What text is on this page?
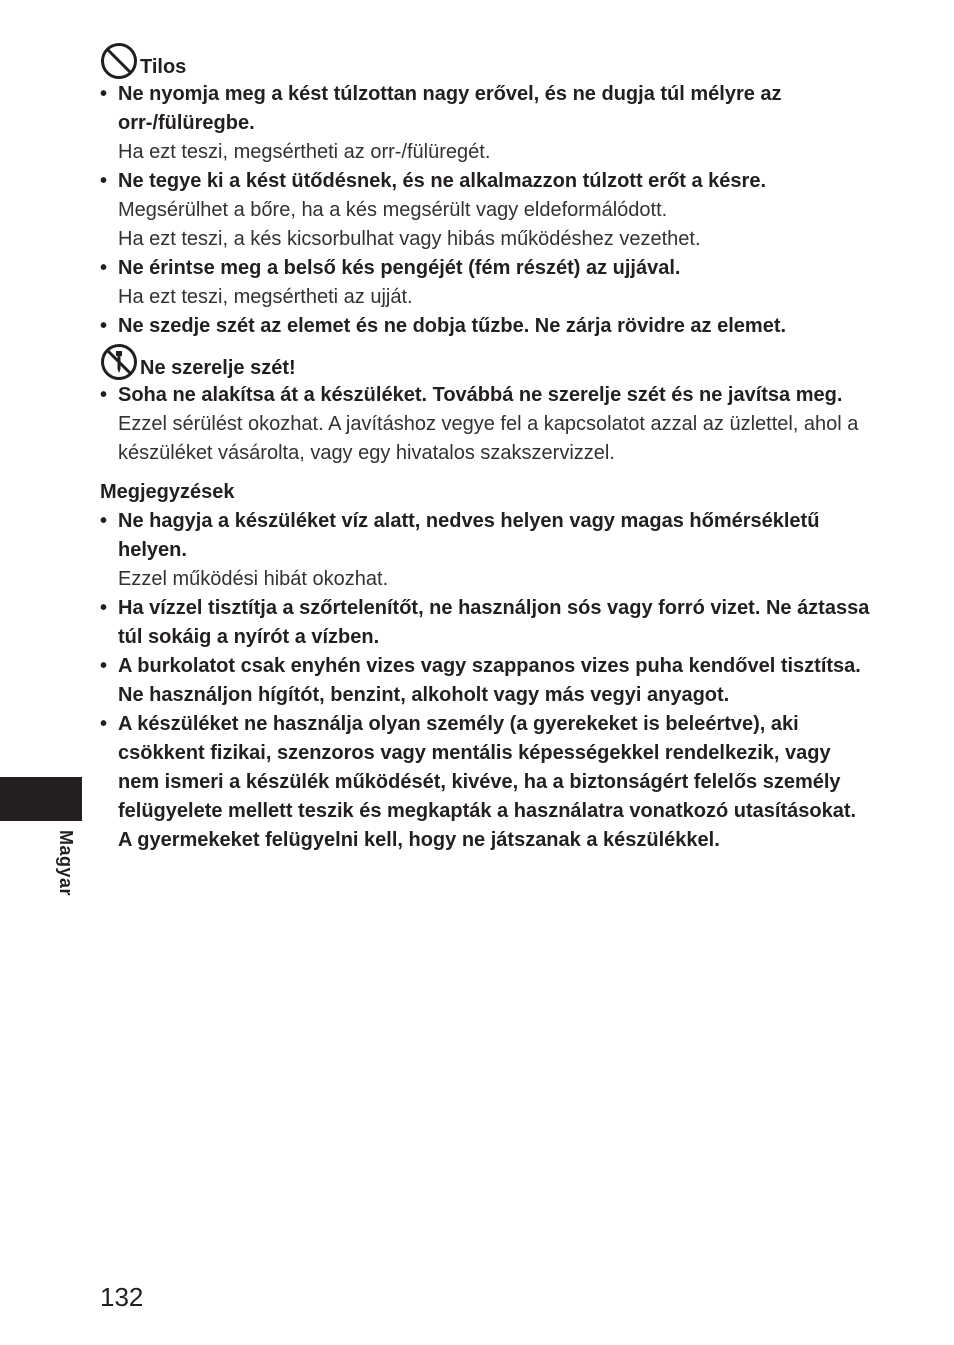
Tilos
• Ne nyomja meg a kést túlzottan nagy erővel, és ne dugja túl mélyre az orr-/fülüregbe.
Ha ezt teszi, megsértheti az orr-/fülüregét.
• Ne tegye ki a kést ütődésnek, és ne alkalmazzon túlzott erőt a késre.
Megsérülhet a bőre, ha a kés megsérült vagy eldeformálódott.
Ha ezt teszi, a kés kicsorbulhat vagy hibás működéshez vezethet.
• Ne érintse meg a belső kés pengéjét (fém részét) az ujjával.
Ha ezt teszi, megsértheti az ujját.
• Ne szedje szét az elemet és ne dobja tűzbe. Ne zárja rövidre az elemet.
Ne szerelje szét!
• Soha ne alakítsa át a készüléket. Továbbá ne szerelje szét és ne javítsa meg.
Ezzel sérülést okozhat. A javításhoz vegye fel a kapcsolatot azzal az üzlettel, ahol a készüléket vásárolta, vagy egy hivatalos szakszervizzel.
Megjegyzések
• Ne hagyja a készüléket víz alatt, nedves helyen vagy magas hőmérsékletű helyen.
Ezzel működési hibát okozhat.
• Ha vízzel tisztítja a szőrtelenítőt, ne használjon sós vagy forró vizet. Ne áztassa túl sokáig a nyírót a vízben.
• A burkolatot csak enyhén vizes vagy szappanos vizes puha kendővel tisztítsa. Ne használjon hígítót, benzint, alkoholt vagy más vegyi anyagot.
• A készüléket ne használja olyan személy (a gyerekeket is beleértve), aki csökkent fizikai, szenzoros vagy mentális képességekkel rendelkezik, vagy nem ismeri a készülék működését, kivéve, ha a biztonságért felelős személy felügyelete mellett teszik és megkapták a használatra vonatkozó utasításokat. A gyermekeket felügyelni kell, hogy ne játszanak a készülékkel.
Magyar
132
